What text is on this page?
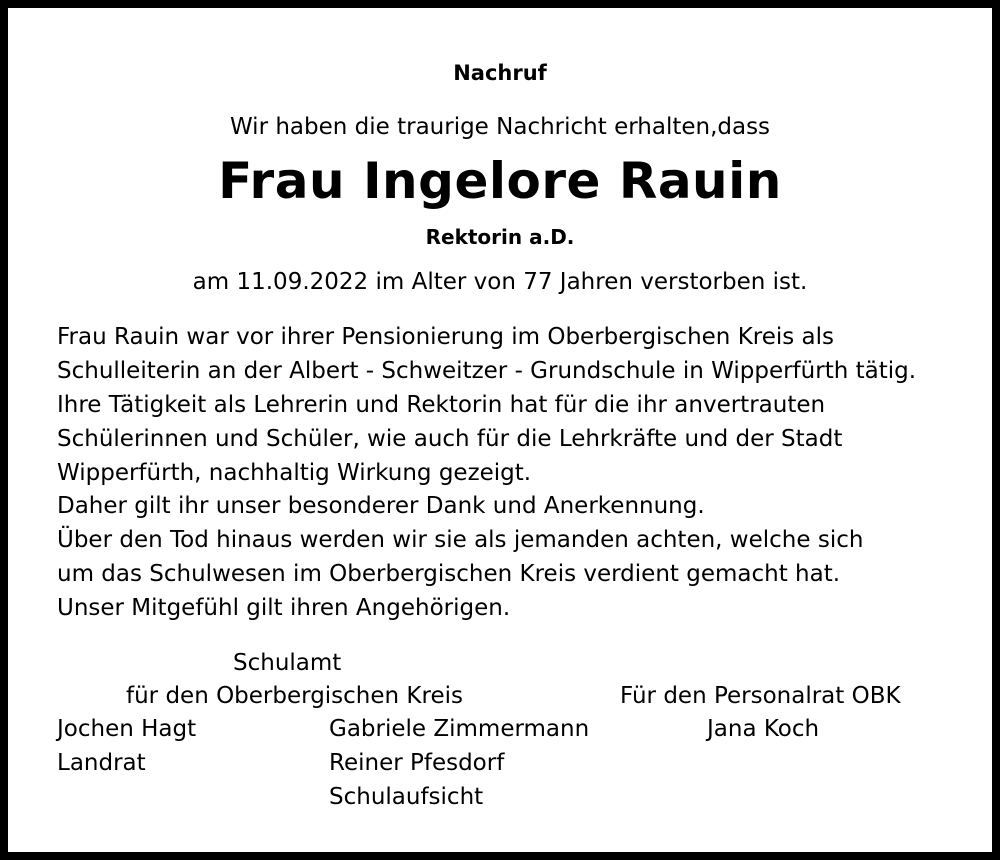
Nachruf
Wir haben die traurige Nachricht erhalten,dass
Frau Ingelore Rauin
Rektorin a.D.
am 11.09.2022 im Alter von 77 Jahren verstorben ist.
Frau Rauin war vor ihrer Pensionierung im Oberbergischen Kreis als
Schulleiterin an der Albert - Schweitzer - Grundschule in Wipperfürth tätig.
Ihre Tätigkeit als Lehrerin und Rektorin hat für die ihr anvertrauten
Schülerinnen und Schüler, wie auch für die Lehrkräfte und der Stadt
Wipperfürth, nachhaltig Wirkung gezeigt.
Daher gilt ihr unser besonderer Dank und Anerkennung.
Über den Tod hinaus werden wir sie als jemanden achten, welche sich
um das Schulwesen im Oberbergischen Kreis verdient gemacht hat.
Unser Mitgefühl gilt ihren Angehörigen.
Schulamt
für den Oberbergischen Kreis	Für den Personalrat OBK
Jochen Hagt	Gabriele Zimmermann	Jana Koch
Landrat	Reiner Pfesdorf
Schulaufsicht
